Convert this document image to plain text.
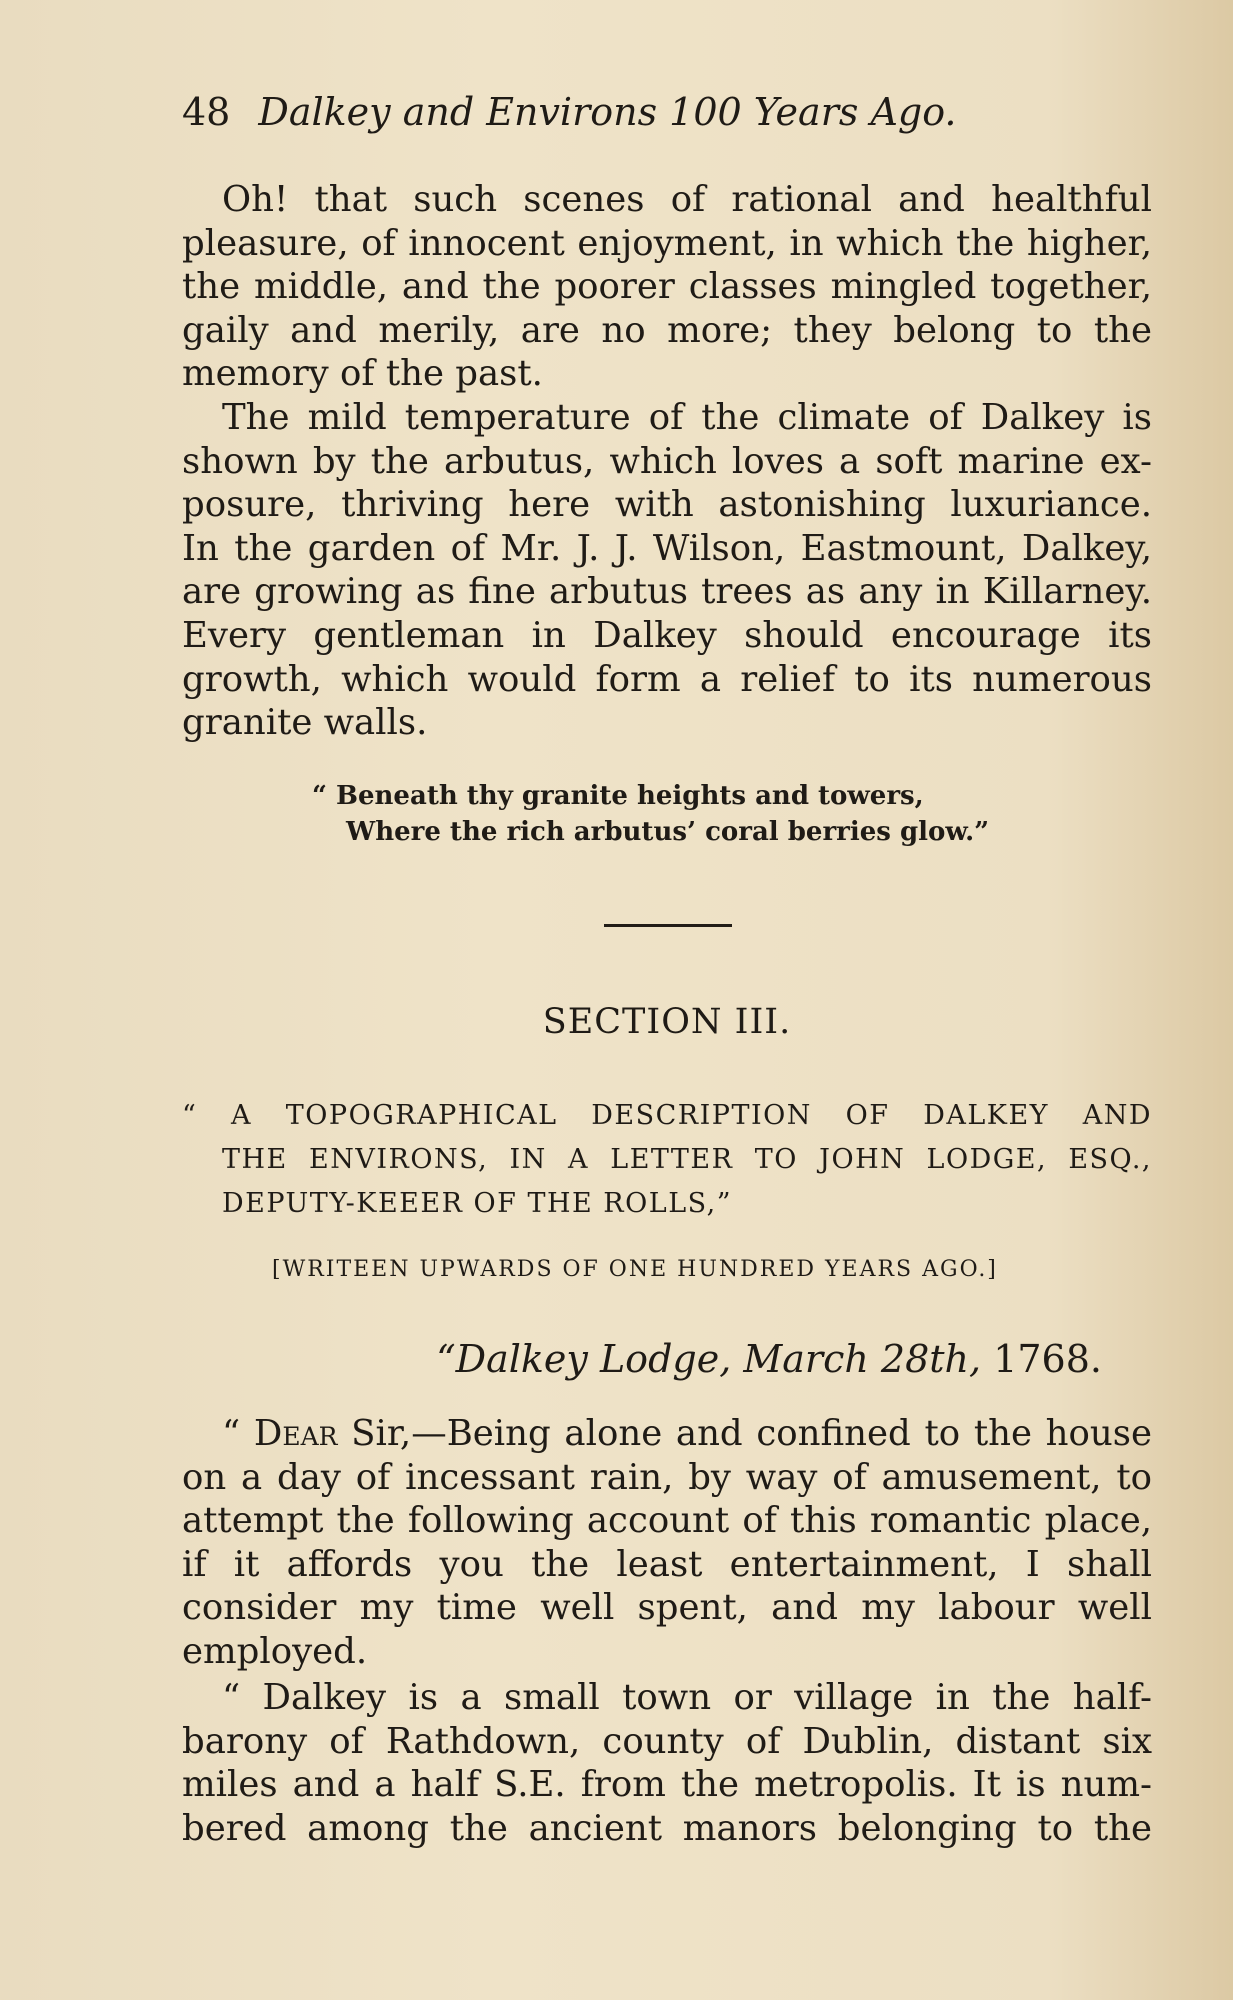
48 Dalkey and Environs 100 Years Ago.
Oh! that such scenes of rational and healthful
pleasure, of innocent enjoyment, in which the higher,
the middle, and the poorer classes mingled together,
gaily and merily, are no more; they belong to the
memory of the past.
The mild temperature of the climate of Dalkey is
shown by the arbutus, which loves a soft marine ex-
posure, thriving here with astonishing luxuriance.
In the garden of Mr. J. J. Wilson, Eastmount, Dalkey,
are growing as fine arbutus trees as any in Killarney.
Every gentleman in Dalkey should encourage its
growth, which would form a relief to its numerous
granite walls.
“ Beneath thy granite heights and towers,
Where the rich arbutus’ coral berries glow.”
SECTION III.
“ A TOPOGRAPHICAL DESCRIPTION OF DALKEY AND
THE ENVIRONS, IN A LETTER TO JOHN LODGE, ESQ.,
DEPUTY-KEEER OF THE ROLLS,”
[WRITEEN UPWARDS OF ONE HUNDRED YEARS AGO.]
“Dalkey Lodge, March 28th, 1768.
“ Dear Sir,—Being alone and confined to the house
on a day of incessant rain, by way of amusement, to
attempt the following account of this romantic place,
if it affords you the least entertainment, I shall
consider my time well spent, and my labour well
employed.
“ Dalkey is a small town or village in the half-
barony of Rathdown, county of Dublin, distant six
miles and a half S.E. from the metropolis. It is num-
bered among the ancient manors belonging to the
